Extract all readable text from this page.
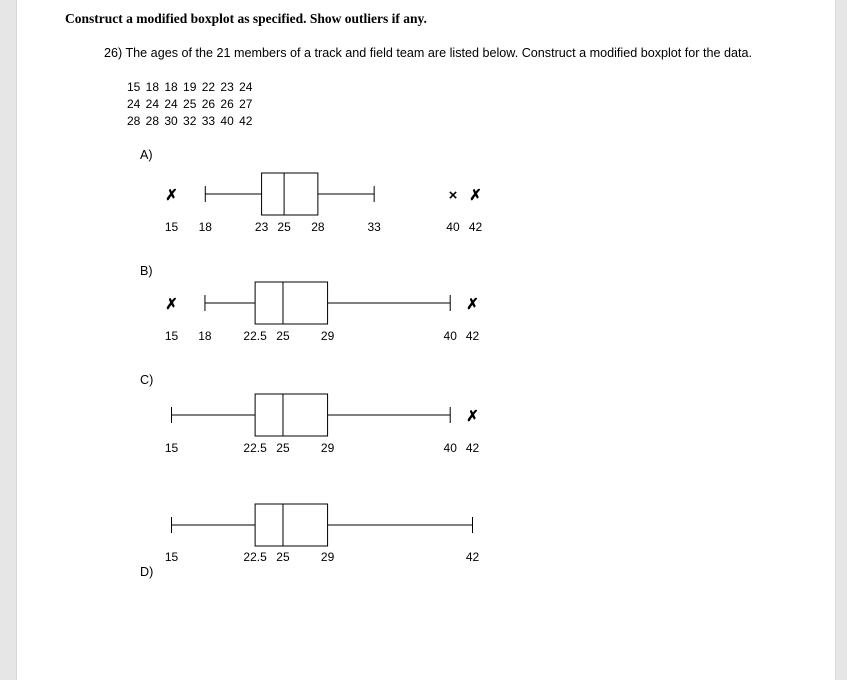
Construct a modified boxplot as specified. Show outliers if any.
26) The ages of the 21 members of a track and field team are listed below. Construct a modified boxplot for the data.
15 18 18 19 22 23 24
24 24 24 25 26 26 27
28 28 30 32 33 40 42
A)
B)
C)
D)
✗	× ✗
15 18	23 25 28	33	40 42
✗	✗
15 18	22.5 25	29	40 42
✗
15	22.5 25	29	40 42
15	22.5 25	29	42
